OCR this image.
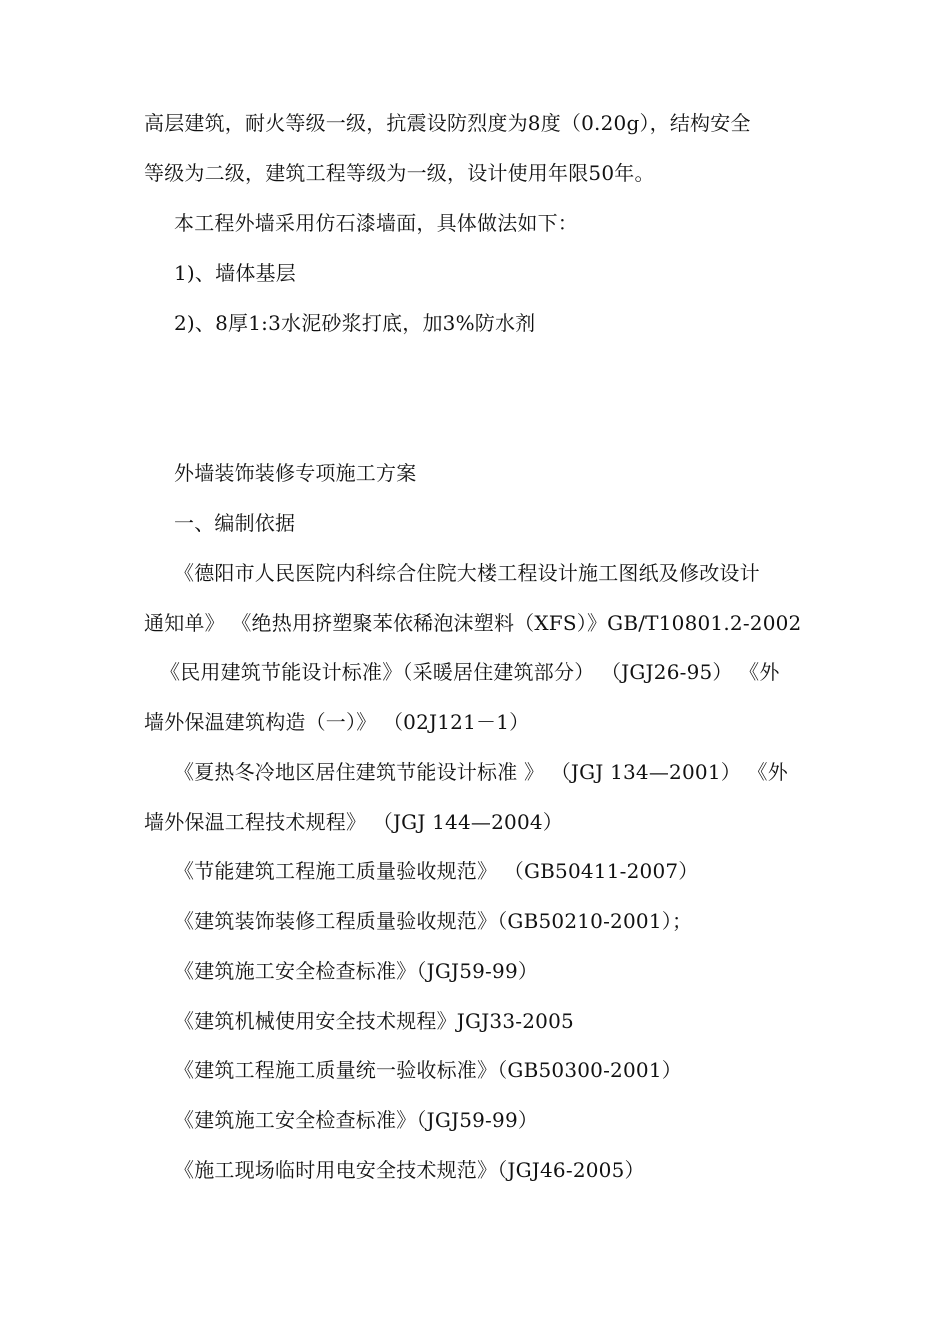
高层建筑，耐火等级一级，抗震设防烈度为8度（0.20g），结构安全
等级为二级，建筑工程等级为一级，设计使用年限50年。
本工程外墙采用仿石漆墙面，具体做法如下：
1)、墙体基层
2)、8厚1:3水泥砂浆打底，加3%防水剂
外墙装饰装修专项施工方案
一、编制依据
《德阳市人民医院内科综合住院大楼工程设计施工图纸及修改设计
通知单》 《绝热用挤塑聚苯依稀泡沫塑料（XFS）》GB/T10801.2-2002
《民用建筑节能设计标准》（采暖居住建筑部分） （JGJ26-95） 《外
墙外保温建筑构造（一）》 （02J121－1）
《夏热冬冷地区居住建筑节能设计标准 》 （JGJ 134—2001） 《外
墙外保温工程技术规程》 （JGJ 144—2004）
《节能建筑工程施工质量验收规范》 （GB50411-2007）
《建筑装饰装修工程质量验收规范》（GB50210-2001）；
《建筑施工安全检查标准》（JGJ59-99）
《建筑机械使用安全技术规程》JGJ33-2005
《建筑工程施工质量统一验收标准》（GB50300-2001）
《建筑施工安全检查标准》（JGJ59-99）
《施工现场临时用电安全技术规范》（JGJ46-2005）
